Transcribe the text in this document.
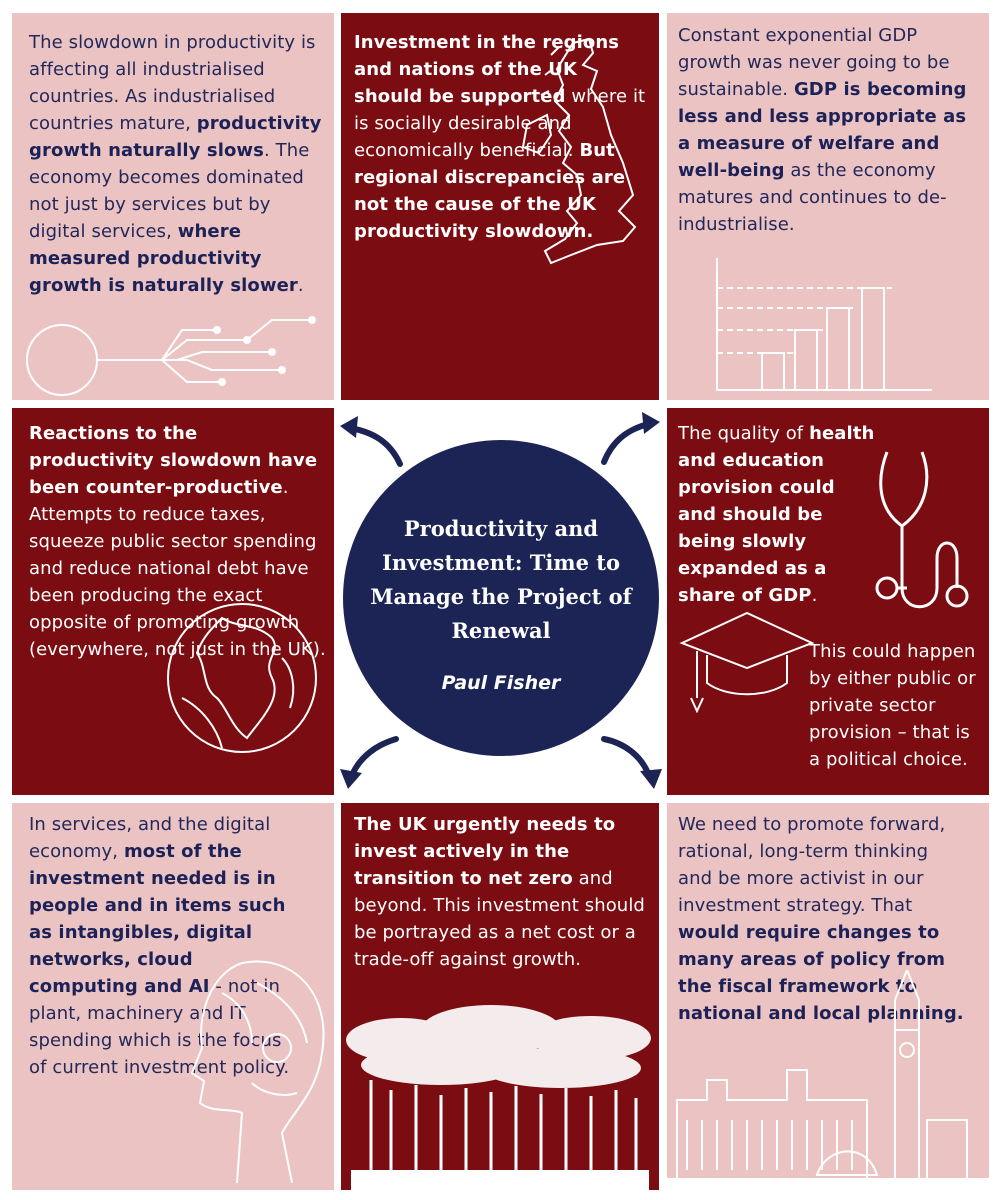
The slowdown in productivity is affecting all industrialised countries. As industrialised countries mature, productivity growth naturally slows. The economy becomes dominated not just by services but by digital services, where measured productivity growth is naturally slower.
Investment in the regions and nations of the UK should be supported where it is socially desirable and economically beneficial. But regional discrepancies are not the cause of the UK productivity slowdown.
Constant exponential GDP growth was never going to be sustainable. GDP is becoming less and less appropriate as a measure of welfare and well-being as the economy matures and continues to de-industrialise.
Reactions to the productivity slowdown have been counter-productive. Attempts to reduce taxes, squeeze public sector spending and reduce national debt have been producing the exact opposite of promoting growth (everywhere, not just in the UK).
The quality of health and education provision could and should be being slowly expanded as a share of GDP.
This could happen by either public or private sector provision – that is a political choice.
In services, and the digital economy, most of the investment needed is in people and in items such as intangibles, digital networks, cloud computing and AI - not in plant, machinery and IT spending which is the focus of current investment policy.
The UK urgently needs to invest actively in the transition to net zero and beyond. This investment should be portrayed as a net cost or a trade-off against growth.
We need to promote forward, rational, long-term thinking and be more activist in our investment strategy. That would require changes to many areas of policy from the fiscal framework to national and local planning.
Productivity and Investment: Time to Manage the Project of Renewal
Paul Fisher
